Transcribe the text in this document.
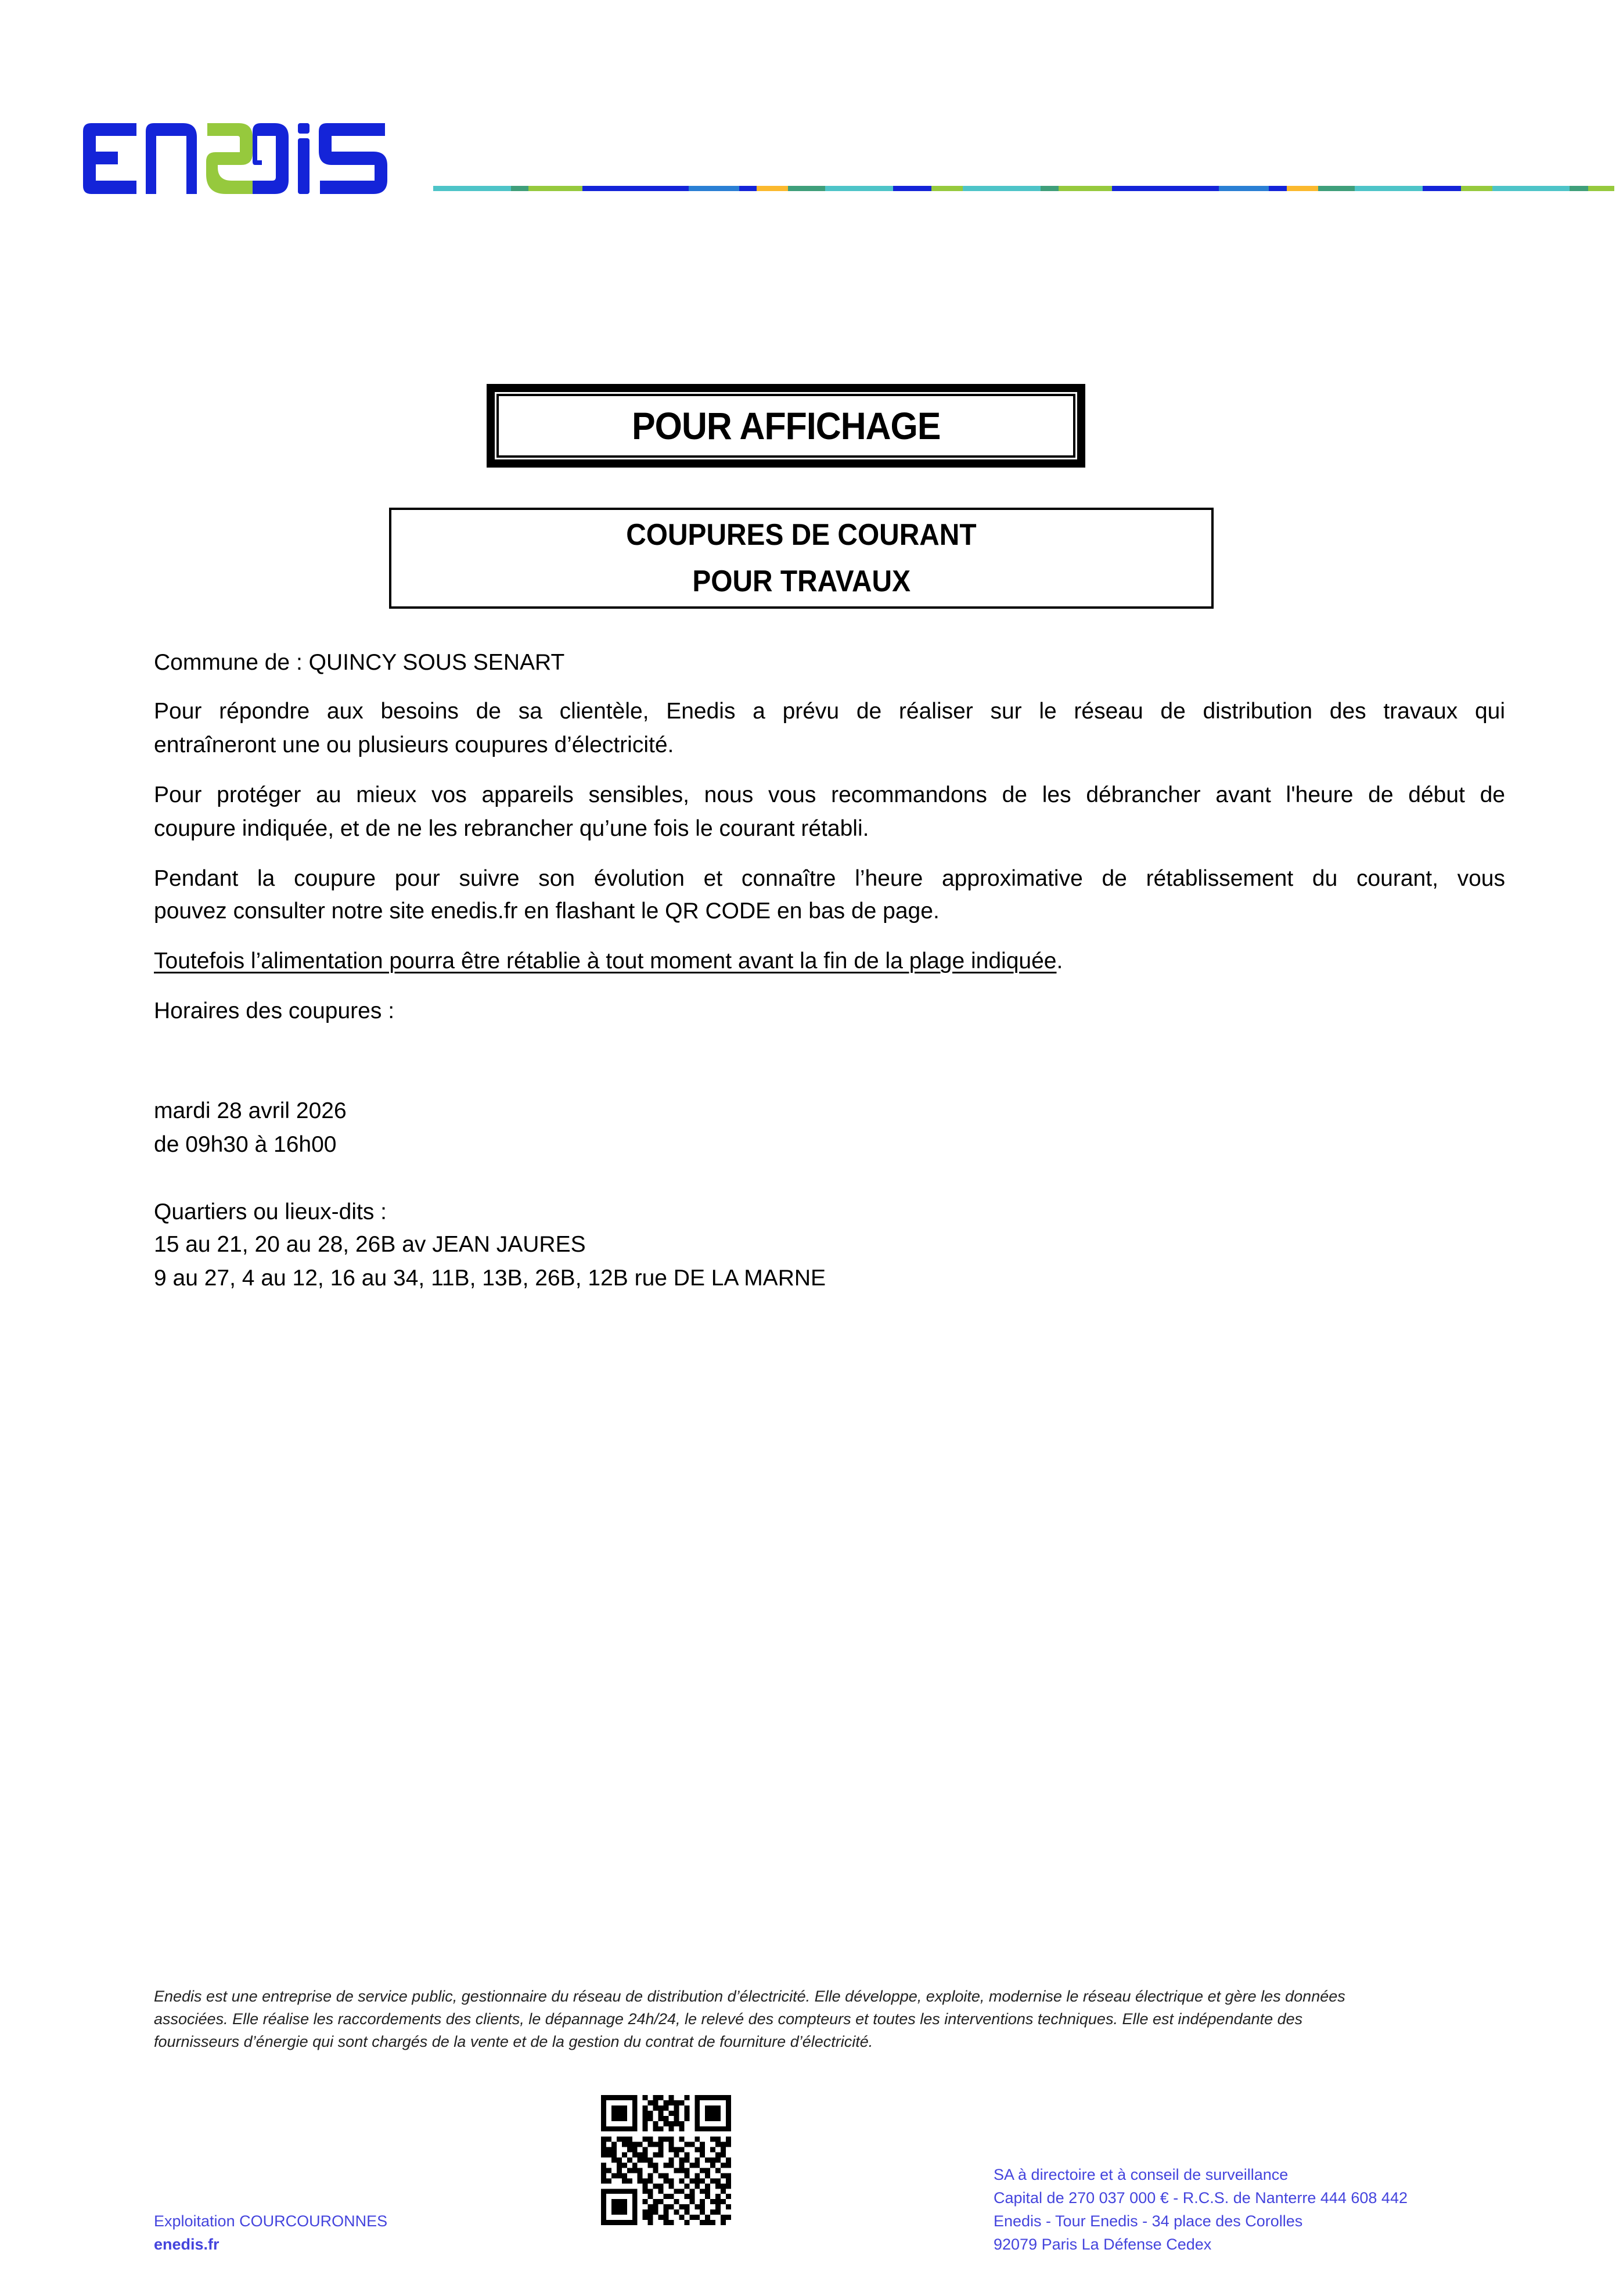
POUR AFFICHAGE
COUPURES DE COURANT
POUR TRAVAUX
Commune de : QUINCY SOUS SENART
Pour répondre aux besoins de sa clientèle, Enedis a prévu de réaliser sur le réseau de distribution des travaux qui
entraîneront une ou plusieurs coupures d’électricité.
Pour protéger au mieux vos appareils sensibles, nous vous recommandons de les débrancher avant l'heure de début de
coupure indiquée, et de ne les rebrancher qu’une fois le courant rétabli.
Pendant la coupure pour suivre son évolution et connaître l’heure approximative de rétablissement du courant, vous
pouvez consulter notre site enedis.fr en flashant le QR CODE en bas de page.
Toutefois l’alimentation pourra être rétablie à tout moment avant la fin de la plage indiquée.
Horaires des coupures :
mardi 28 avril 2026
de 09h30 à 16h00
Quartiers ou lieux-dits :
15 au 21, 20 au 28, 26B av JEAN JAURES
9 au 27, 4 au 12, 16 au 34, 11B, 13B, 26B, 12B rue DE LA MARNE
Enedis est une entreprise de service public, gestionnaire du réseau de distribution d’électricité. Elle développe, exploite, modernise le réseau électrique et gère les données
associées. Elle réalise les raccordements des clients, le dépannage 24h/24, le relevé des compteurs et toutes les interventions techniques. Elle est indépendante des
fournisseurs d’énergie qui sont chargés de la vente et de la gestion du contrat de fourniture d’électricité.
Exploitation COURCOURONNES
enedis.fr
SA à directoire et à conseil de surveillance
Capital de 270 037 000 € - R.C.S. de Nanterre 444 608 442
Enedis - Tour Enedis - 34 place des Corolles
92079 Paris La Défense Cedex
